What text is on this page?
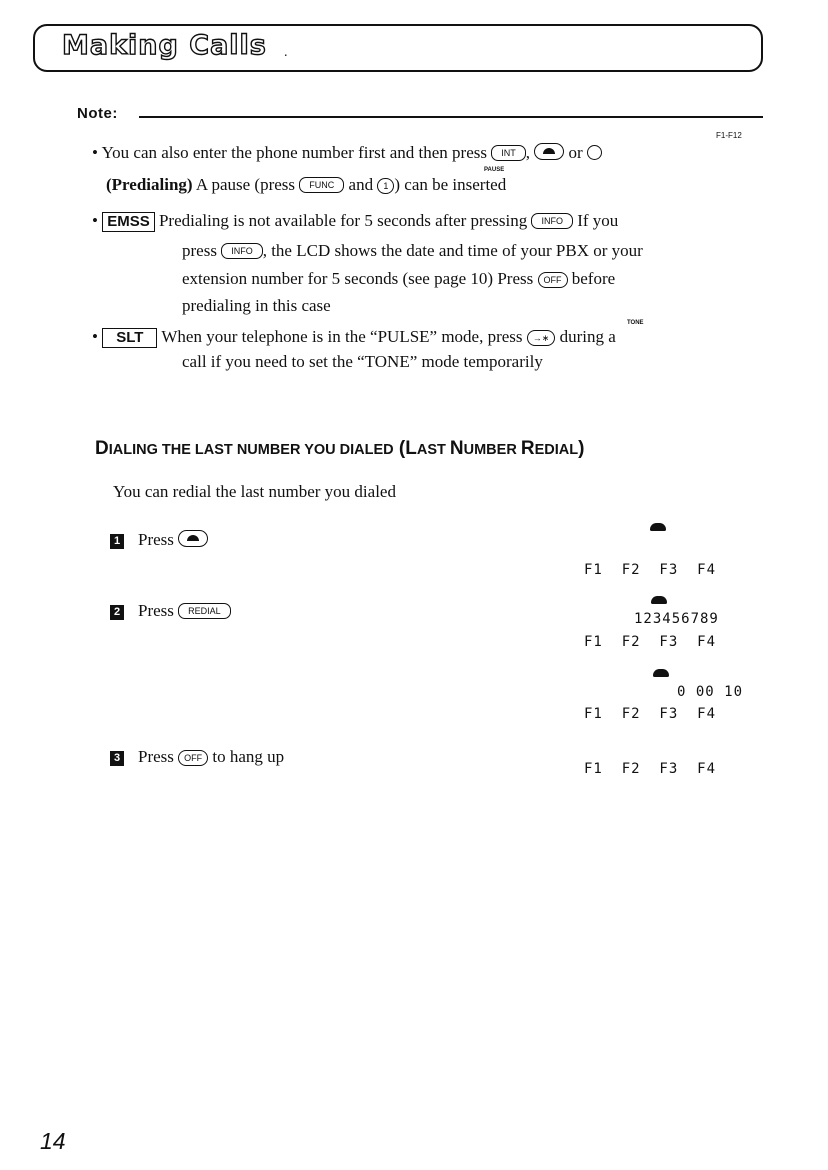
Making Calls .
Note:
F1-F12
• You can also enter the phone number first and then press INT ,  or
PAUSE
(Predialing) A pause (press FUNC and 1 ) can be inserted
• EMSS Predialing is not available for 5 seconds after pressing INFO If you
press INFO , the LCD shows the date and time of your PBX or your
extension number for 5 seconds (see page 10) Press OFF before
predialing in this case
TONE
• SLT When your telephone is in the “PULSE” mode, press →∗ during a
call if you need to set the “TONE” mode temporarily
DIALING THE LAST NUMBER YOU DIALED (LAST NUMBER REDIAL)
You can redial the last number you dialed
1 Press
2 Press REDIAL
3 Press OFF to hang up
F1  F2  F3  F4
123456789
F1  F2  F3  F4
0 00 10
F1  F2  F3  F4
F1  F2  F3  F4
14
